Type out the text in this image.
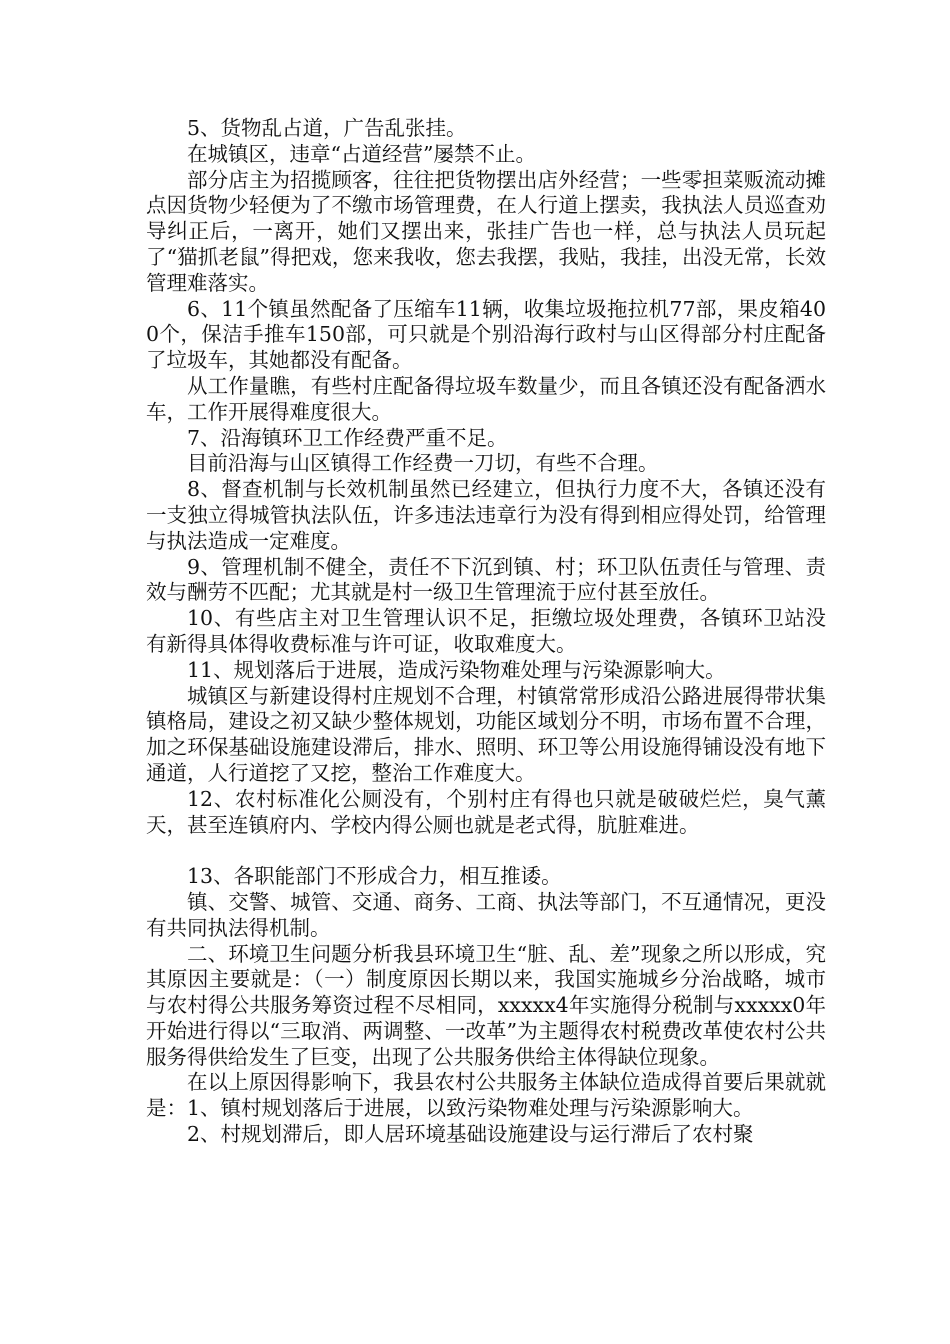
5、货物乱占道，广告乱张挂。

在城镇区，违章“占道经营”屡禁不止。

部分店主为招揽顾客，往往把货物摆出店外经营；一些零担菜贩流动摊点因货物少轻便为了不缴市场管理费，在人行道上摆卖，我执法人员巡查劝导纠正后，一离开，她们又摆出来，张挂广告也一样，总与执法人员玩起了“猫抓老鼠”得把戏，您来我收，您去我摆，我贴，我挂，出没无常，长效管理难落实。

6、11个镇虽然配备了压缩车11辆，收集垃圾拖拉机77部，果皮箱400个，保洁手推车150部，可只就是个别沿海行政村与山区得部分村庄配备了垃圾车，其她都没有配备。

从工作量瞧，有些村庄配备得垃圾车数量少，而且各镇还没有配备洒水车，工作开展得难度很大。

7、沿海镇环卫工作经费严重不足。

目前沿海与山区镇得工作经费一刀切，有些不合理。

8、督查机制与长效机制虽然已经建立，但执行力度不大，各镇还没有一支独立得城管执法队伍，许多违法违章行为没有得到相应得处罚，给管理与执法造成一定难度。

9、管理机制不健全，责任不下沉到镇、村；环卫队伍责任与管理、责效与酬劳不匹配；尤其就是村一级卫生管理流于应付甚至放任。

10、有些店主对卫生管理认识不足，拒缴垃圾处理费，各镇环卫站没有新得具体得收费标准与许可证，收取难度大。

11、规划落后于进展，造成污染物难处理与污染源影响大。

城镇区与新建设得村庄规划不合理，村镇常常形成沿公路进展得带状集镇格局，建设之初又缺少整体规划，功能区域划分不明，市场布置不合理，加之环保基础设施建设滞后，排水、照明、环卫等公用设施得铺设没有地下通道，人行道挖了又挖，整治工作难度大。

12、农村标准化公厕没有，个别村庄有得也只就是破破烂烂，臭气薰天，甚至连镇府内、学校内得公厕也就是老式得，肮脏难进。

13、各职能部门不形成合力，相互推诿。

镇、交警、城管、交通、商务、工商、执法等部门，不互通情况，更没有共同执法得机制。

二、环境卫生问题分析我县环境卫生“脏、乱、差”现象之所以形成，究其原因主要就是：（一）制度原因长期以来，我国实施城乡分治战略，城市与农村得公共服务筹资过程不尽相同，xxxxx4年实施得分税制与xxxxx0年开始进行得以“三取消、两调整、一改革”为主题得农村税费改革使农村公共服务得供给发生了巨变，出现了公共服务供给主体得缺位现象。

在以上原因得影响下，我县农村公共服务主体缺位造成得首要后果就就是：1、镇村规划落后于进展，以致污染物难处理与污染源影响大。

2、村规划滞后，即人居环境基础设施建设与运行滞后了农村聚
